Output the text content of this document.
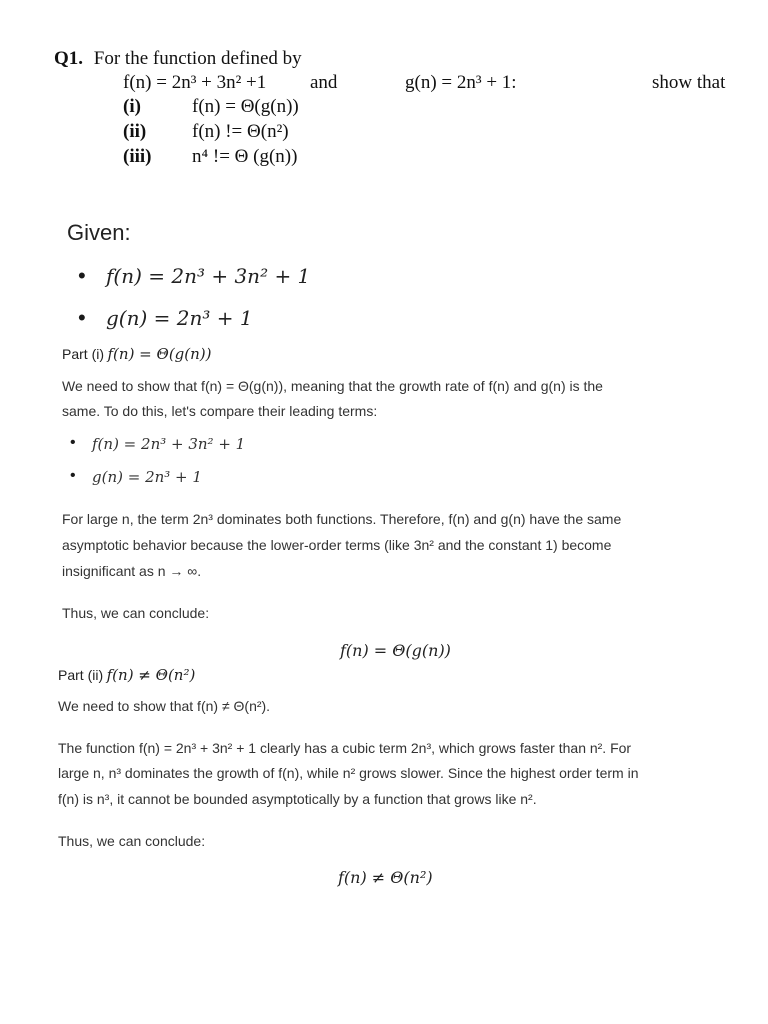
Q1. For the function defined by
f(n) = 2n³ + 3n² +1 and	g(n) = 2n³ + 1:	show that
(i)	f(n) = Θ(g(n))
(ii) f(n) != Θ(n²)
(iii) n⁴ != Θ (g(n))
Given:
• f(n) = 2n³ + 3n² + 1
• g(n) = 2n³ + 1
Part (i) f(n) = Θ(g(n))
We need to show that f(n) = Θ(g(n)), meaning that the growth rate of f(n) and g(n) is the
same. To do this, let's compare their leading terms:
• f(n) = 2n³ + 3n² + 1
• g(n) = 2n³ + 1
For large n, the term 2n³ dominates both functions. Therefore, f(n) and g(n) have the same
asymptotic behavior because the lower-order terms (like 3n² and the constant 1) become
insignificant as n → ∞.
Thus, we can conclude:
f(n) = Θ(g(n))
Part (ii) f(n) ≠ Θ(n²)
We need to show that f(n) ≠ Θ(n²).
The function f(n) = 2n³ + 3n² + 1 clearly has a cubic term 2n³, which grows faster than n². For
large n, n³ dominates the growth of f(n), while n² grows slower. Since the highest order term in
f(n) is n³, it cannot be bounded asymptotically by a function that grows like n².
Thus, we can conclude:
f(n) ≠ Θ(n²)
